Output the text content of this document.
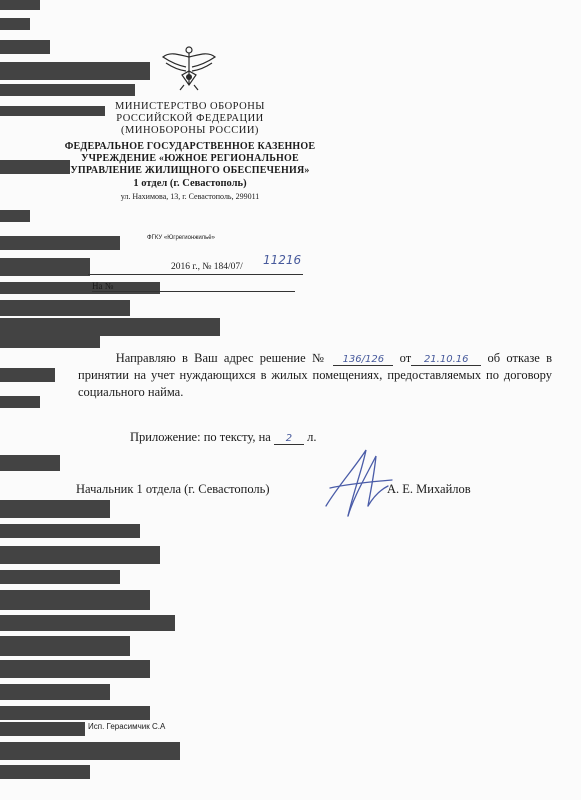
МИНИСТЕРСТВО ОБОРОНЫ
РОССИЙСКОЙ ФЕДЕРАЦИИ
(МИНОБОРОНЫ РОССИИ)
ФЕДЕРАЛЬНОЕ ГОСУДАРСТВЕННОЕ КАЗЕННОЕ
УЧРЕЖДЕНИЕ «ЮЖНОЕ РЕГИОНАЛЬНОЕ
УПРАВЛЕНИЕ ЖИЛИЩНОГО ОБЕСПЕЧЕНИЯ»
1 отдел (г. Севастополь)
ул. Нахимова, 13, г. Севастополь, 299011
ФГКУ «Югрегионжильё»
2016 г., № 184/07/ 11216
На №
Направляю в Ваш адрес решение № 136/126 от 21.10.16 об отказе в принятии на учет нуждающихся в жилых помещениях, предоставляемых по договору социального найма.
Приложение: по тексту, на 2 л.
Начальник 1 отдела (г. Севастополь)	А. Е. Михайлов
Исп. Герасимчик С.А
